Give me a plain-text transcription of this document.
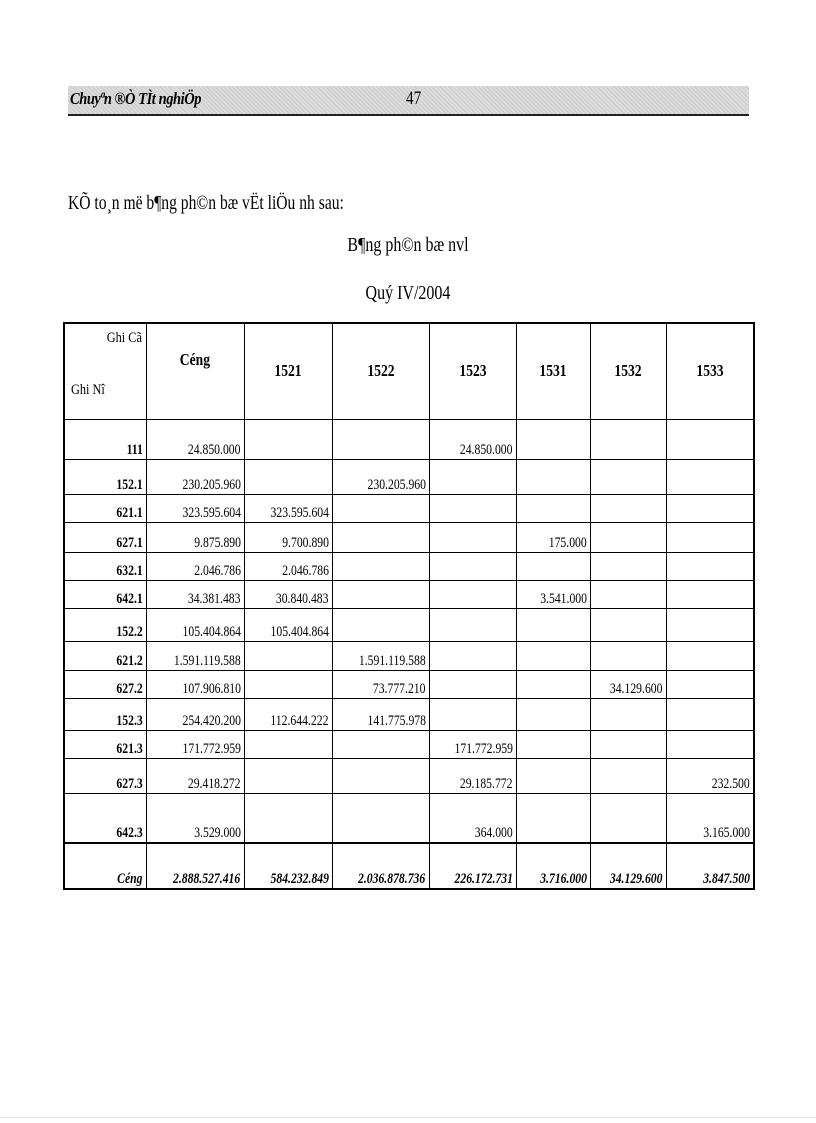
Chuyªn ®Ò TÌt nghiÖp	47
KÕ to¸n më b¶ng ph©n bæ vËt liÖu nh sau:
B¶ng ph©n bæ nvl
Quý IV/2004
Ghi Cã
Ghi Nî	Céng	1521	1522	1523	1531	1532	1533
111	24.850.000			24.850.000			
152.1	230.205.960		230.205.960				
621.1	323.595.604	323.595.604					
627.1	9.875.890	9.700.890			175.000		
632.1	2.046.786	2.046.786					
642.1	34.381.483	30.840.483			3.541.000		
152.2	105.404.864	105.404.864					
621.2	1.591.119.588		1.591.119.588				
627.2	107.906.810		73.777.210			34.129.600	
152.3	254.420.200	112.644.222	141.775.978				
621.3	171.772.959			171.772.959			
627.3	29.418.272			29.185.772			232.500
642.3	3.529.000			364.000			3.165.000
Céng	2.888.527.416	584.232.849	2.036.878.736	226.172.731	3.716.000	34.129.600	3.847.500
